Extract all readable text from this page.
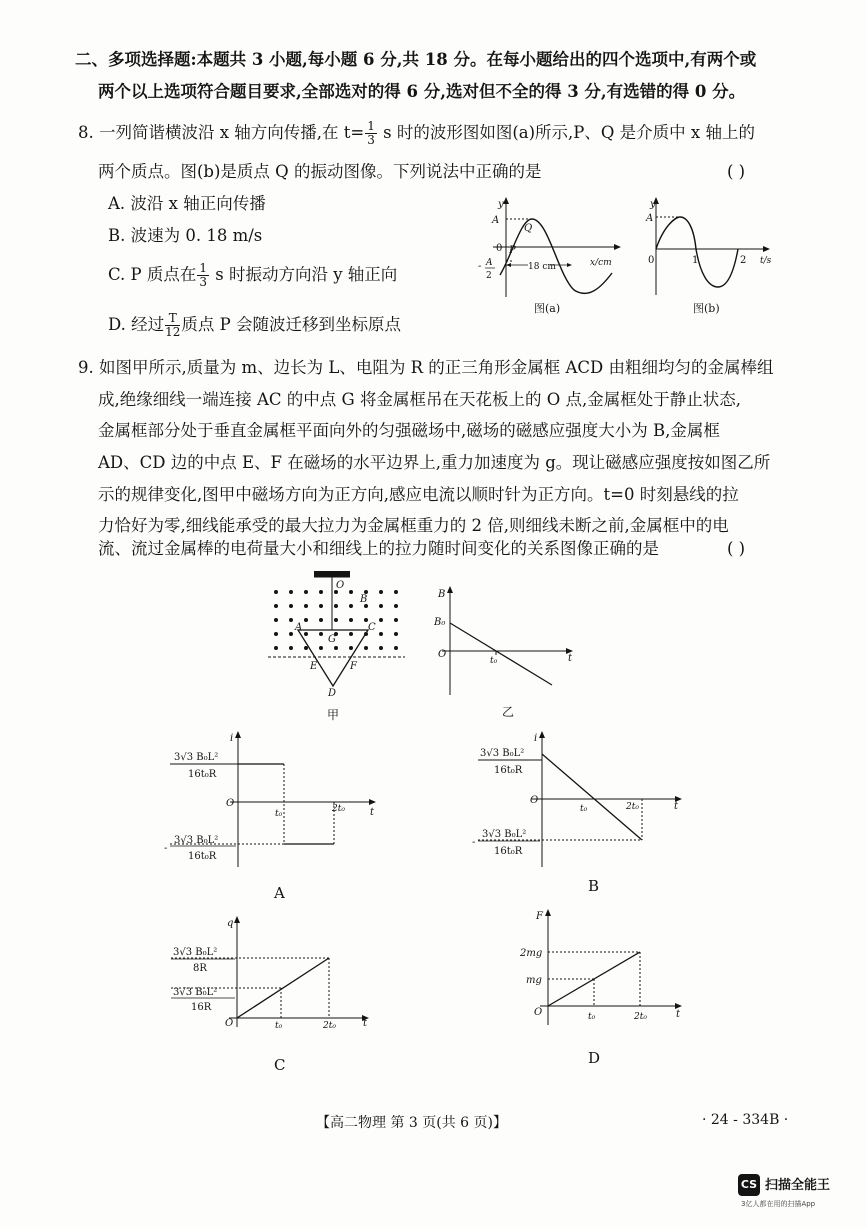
二、多项选择题:本题共 3 小题,每小题 6 分,共 18 分。在每小题给出的四个选项中,有两个或
两个以上选项符合题目要求,全部选对的得 6 分,选对但不全的得 3 分,有选错的得 0 分。
8. 一列简谐横波沿 x 轴方向传播,在 $t= \frac{1}{3}$ s 时的波形图如图(a)所示,P、Q 是介质中 x 轴上的
两个质点。图(b)是质点 Q 的振动图像。下列说法中正确的是	( )
A. 波沿 x 轴正向传播
B. 波速为 0. 18 m/s
C. P 质点在 $\frac{1}{3}$ s 时振动方向沿 y 轴正向
D. 经过 $\frac{T}{12}$ 质点 P 会随波迁移到坐标原点
y
A
0 P
Q
- A
2
18 cm	x/cm
图(a)
y
A
0	1	2 t/s
图(b)
9. 如图甲所示,质量为 m、边长为 L、电阻为 R 的正三角形金属框 ACD 由粗细均匀的金属棒组
成,绝缘细线一端连接 AC 的中点 G 将金属框吊在天花板上的 O 点,金属框处于静止状态,
金属框部分处于垂直金属框平面向外的匀强磁场中,磁场的磁感应强度大小为 B,金属框
AD、CD 边的中点 E、F 在磁场的水平边界上,重力加速度为 g。现让磁感应强度按如图乙所
示的规律变化,图甲中磁场方向为正方向,感应电流以顺时针为正方向。t=0 时刻悬线的拉
力恰好为零,细线能承受的最大拉力为金属框重力的 2 倍,则细线未断之前,金属框中的电
流、流过金属棒的电荷量大小和细线上的拉力随时间变化的关系图像正确的是	( )
O
B
A	C
G
E	F
D
甲
B
B₀
O
t₀	t
乙
i
3√3 B₀L²
16t₀R
O
t₀	2t₀	t
-
3√3 B₀L²
16t₀R
A
i
3√3 B₀L²
16t₀R
O
t₀	2t₀	t
-
3√3 B₀L²
16t₀R
B
q
3√3 B₀L²
8R
3√3 B₀L²
16R
O	t₀	2t₀	t
C
F
2mg
mg
O	t₀	2t₀	t
D
【高二物理 第 3 页(共 6 页)】	· 24 - 334B ·
CS 扫描全能王
3亿人都在用的扫描App
